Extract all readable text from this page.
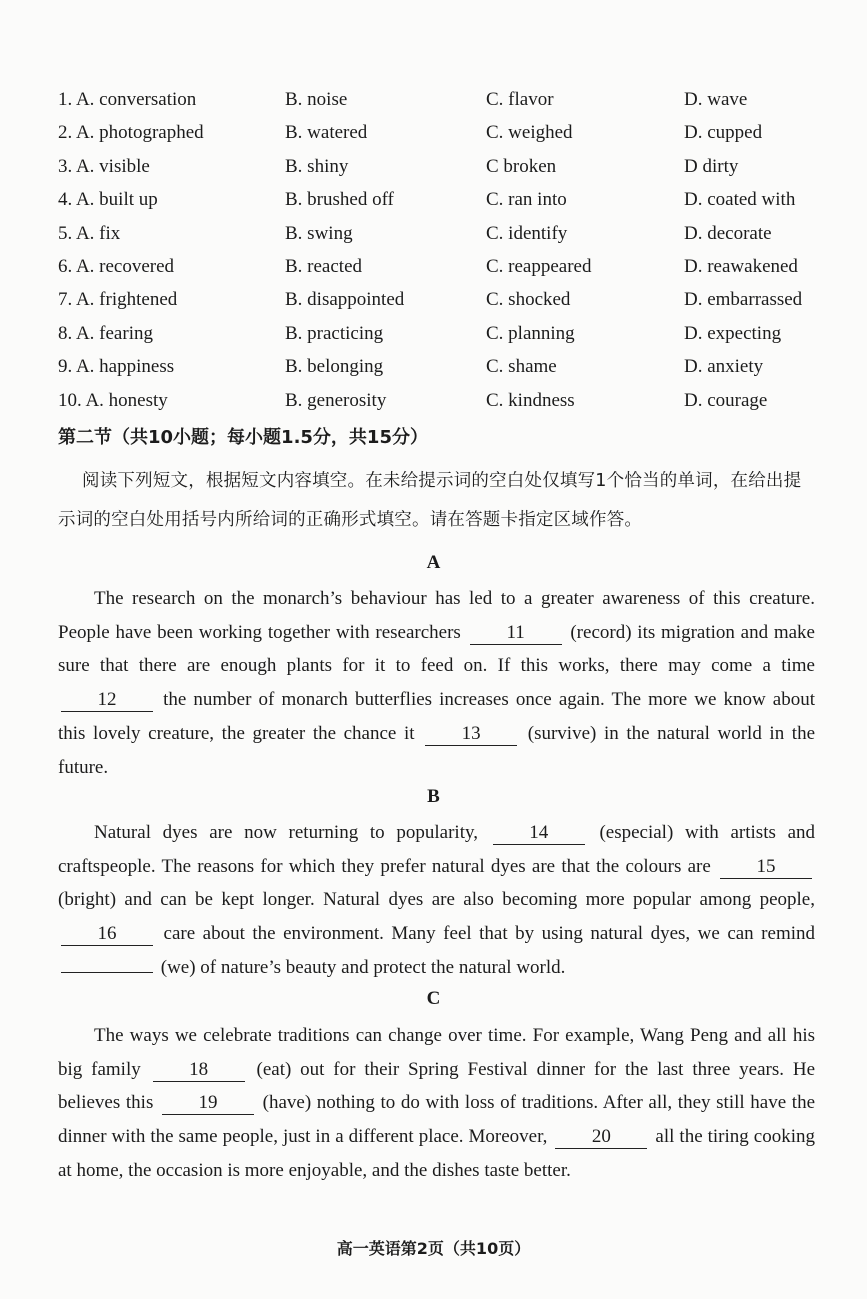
1. A. conversation	B. noise	C. flavor	D. wave
2. A. photographed	B. watered	C. weighed	D. cupped
3. A. visible	B. shiny	C broken	D dirty
4. A. built up	B. brushed off	C. ran into	D. coated with
5. A. fix	B. swing	C. identify	D. decorate
6. A. recovered	B. reacted	C. reappeared	D. reawakened
7. A. frightened	B. disappointed	C. shocked	D. embarrassed
8. A. fearing	B. practicing	C. planning	D. expecting
9. A. happiness	B. belonging	C. shame	D. anxiety
10. A. honesty	B. generosity	C. kindness	D. courage
第二节（共10小题；每小题1.5分，共15分）
阅读下列短文，根据短文内容填空。在未给提示词的空白处仅填写1个恰当的单词，在给出提示词的空白处用括号内所给词的正确形式填空。请在答题卡指定区域作答。
A
The research on the monarch’s behaviour has led to a greater awareness of this creature. People have been working together with researchers 11 (record) its migration and make sure that there are enough plants for it to feed on. If this works, there may come a time 12 the number of monarch butterflies increases once again. The more we know about this lovely creature, the greater the chance it 13 (survive) in the natural world in the future.
B
Natural dyes are now returning to popularity,	14	(especial) with artists and craftspeople. The reasons for which they prefer natural dyes are that the colours are 15 (bright) and can be kept longer. Natural dyes are also becoming more popular among people, 16 care about the environment. Many feel that by using natural dyes, we can remind  (we) of nature’s beauty and protect the natural world.
C
The ways we celebrate traditions can change over time. For example, Wang Peng and all his big family	18	(eat) out for their Spring Festival dinner for the last three years. He believes this 19 (have) nothing to do with loss of traditions. After all, they still have the dinner with the same people, just in a different place. Moreover, 20 all the tiring cooking at home, the occasion is more enjoyable, and the dishes taste better.
高一英语第2页（共10页）
